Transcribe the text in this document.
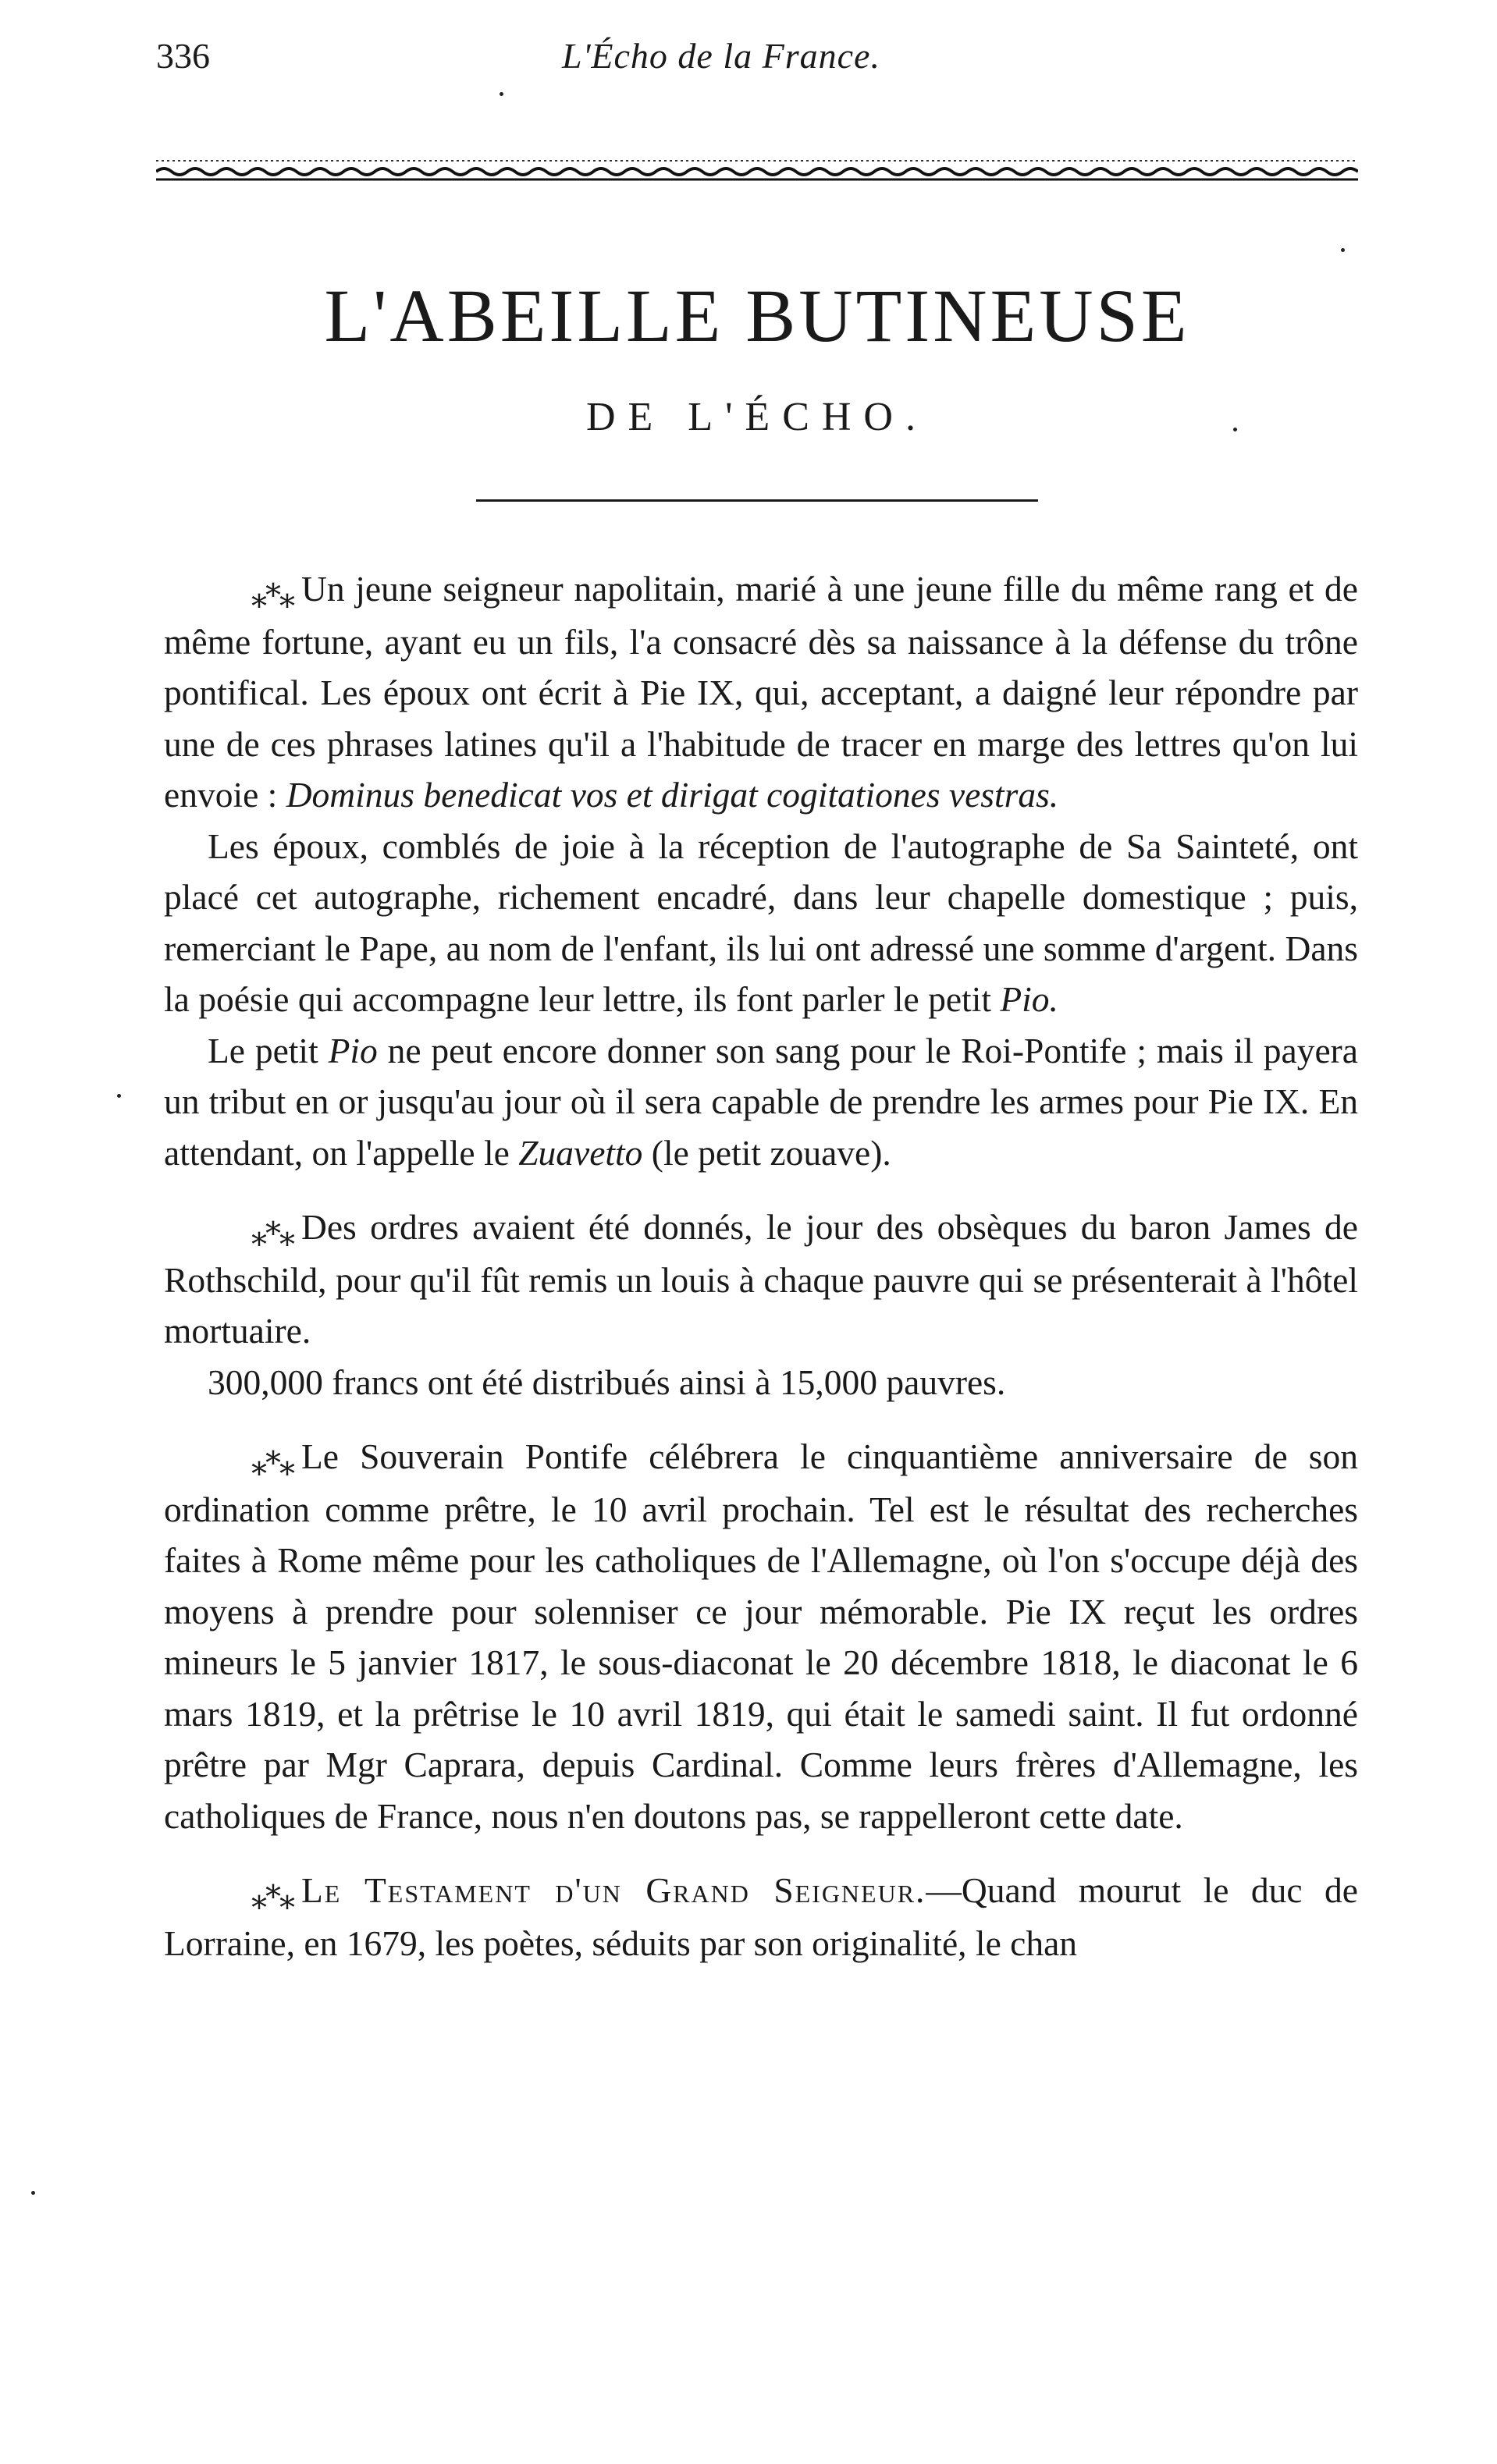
336	L'Écho de la France.
L'ABEILLE BUTINEUSE
DE L'ÉCHO.

⁎⁎⁎ Un jeune seigneur napolitain, marié à une jeune fille du même rang et de même fortune, ayant eu un fils, l'a consacré dès sa naissance à la défense du trône pontifical. Les époux ont écrit à Pie IX, qui, acceptant, a daigné leur répondre par une de ces phrases latines qu'il a l'habitude de tracer en marge des lettres qu'on lui envoie : Dominus benedicat vos et dirigat cogitationes vestras.

Les époux, comblés de joie à la réception de l'autographe de Sa Sainteté, ont placé cet autographe, richement encadré, dans leur chapelle domestique ; puis, remerciant le Pape, au nom de l'enfant, ils lui ont adressé une somme d'argent. Dans la poésie qui accompagne leur lettre, ils font parler le petit Pio.

Le petit Pio ne peut encore donner son sang pour le Roi-Pontife ; mais il payera un tribut en or jusqu'au jour où il sera capable de prendre les armes pour Pie IX. En attendant, on l'appelle le Zuavetto (le petit zouave).

⁎⁎⁎ Des ordres avaient été donnés, le jour des obsèques du baron James de Rothschild, pour qu'il fût remis un louis à chaque pauvre qui se présenterait à l'hôtel mortuaire.

300,000 francs ont été distribués ainsi à 15,000 pauvres.

⁎⁎⁎ Le Souverain Pontife célébrera le cinquantième anniversaire de son ordination comme prêtre, le 10 avril prochain. Tel est le résultat des recherches faites à Rome même pour les catholiques de l'Allemagne, où l'on s'occupe déjà des moyens à prendre pour solenniser ce jour mémorable. Pie IX reçut les ordres mineurs le 5 janvier 1817, le sous-diaconat le 20 décembre 1818, le diaconat le 6 mars 1819, et la prêtrise le 10 avril 1819, qui était le samedi saint. Il fut ordonné prêtre par Mgr Caprara, depuis Cardinal. Comme leurs frères d'Allemagne, les catholiques de France, nous n'en doutons pas, se rappelleront cette date.

⁎⁎⁎ Le Testament d'un Grand Seigneur.—Quand mourut le duc de Lorraine, en 1679, les poètes, séduits par son originalité, le chan
